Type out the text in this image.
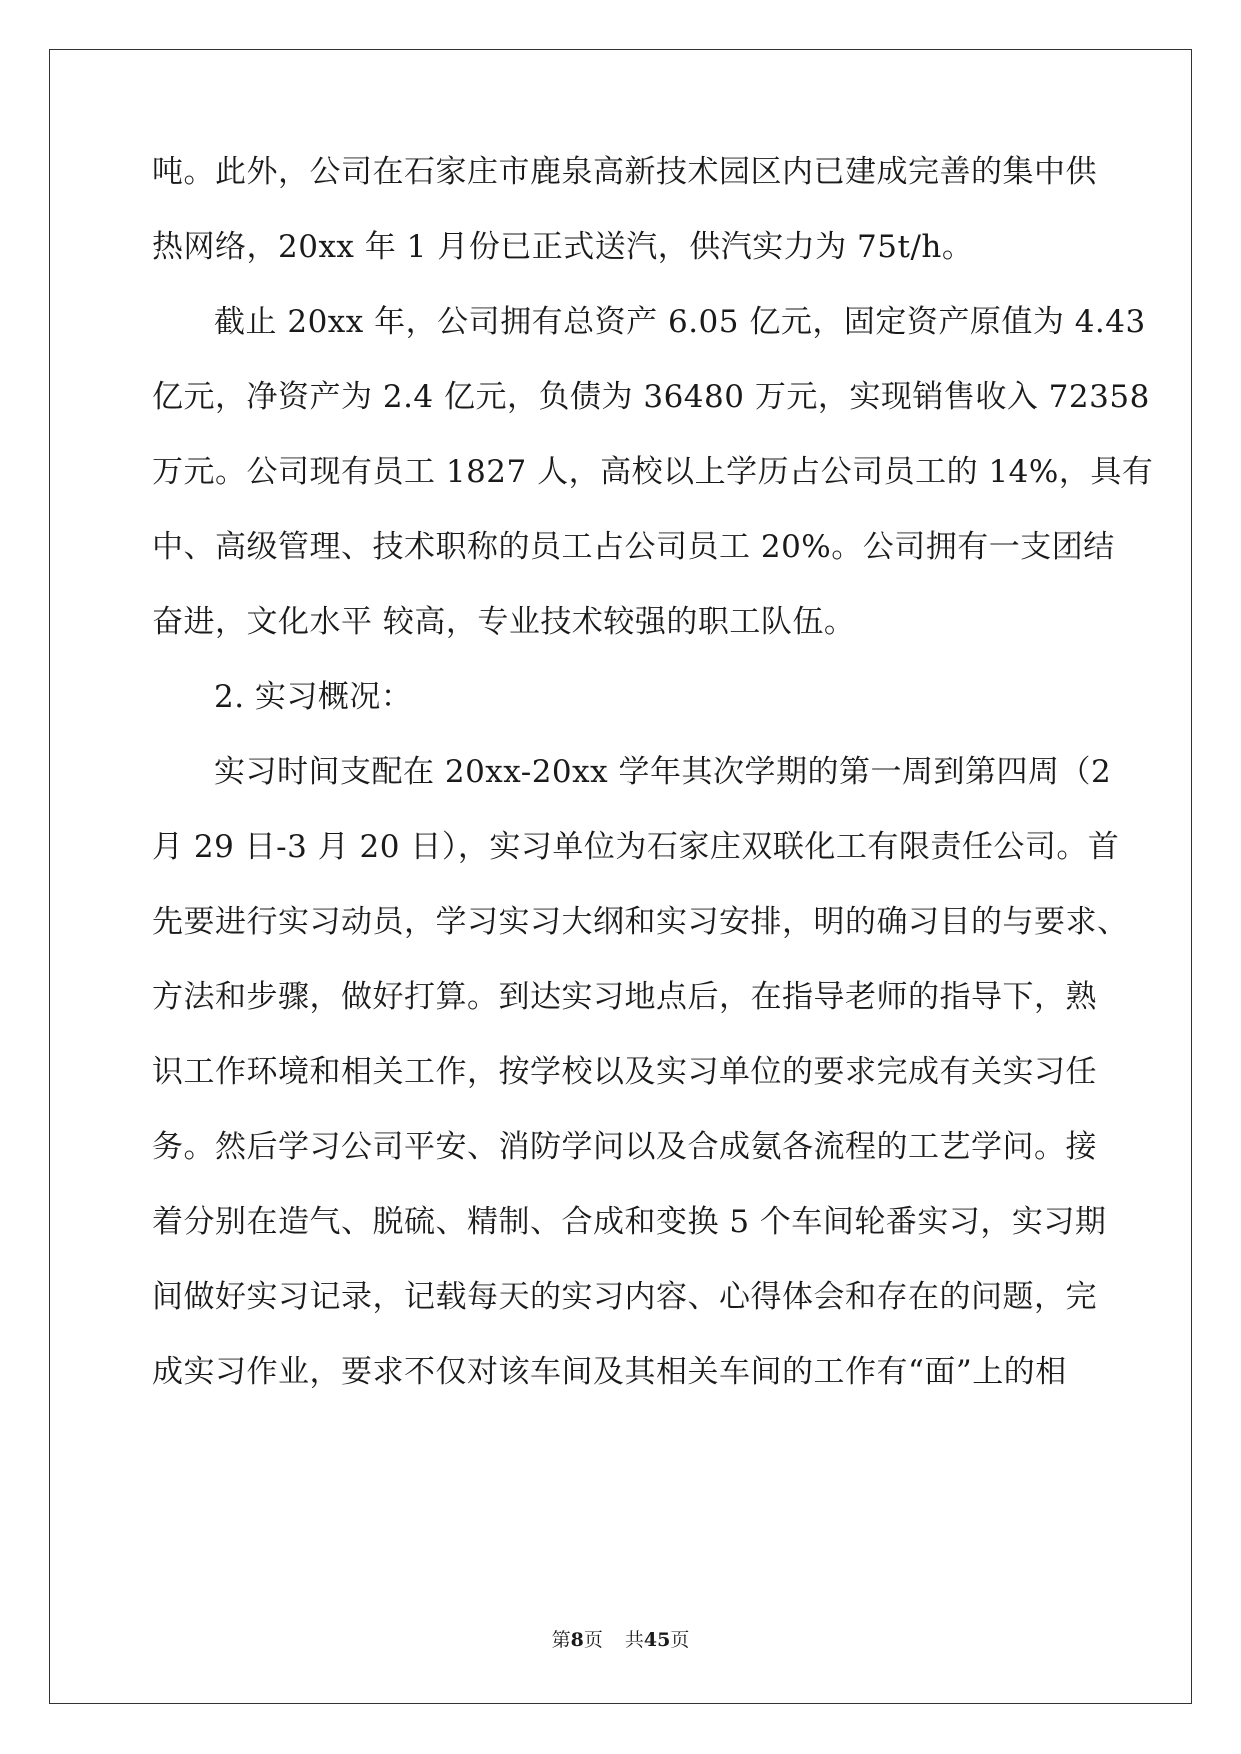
吨。此外，公司在石家庄市鹿泉高新技术园区内已建成完善的集中供
热网络，20xx 年 1 月份已正式送汽，供汽实力为 75t/h。
截止 20xx 年，公司拥有总资产 6.05 亿元，固定资产原值为 4.43
亿元，净资产为 2.4 亿元，负债为 36480 万元，实现销售收入 72358
万元。公司现有员工 1827 人，高校以上学历占公司员工的 14%，具有
中、高级管理、技术职称的员工占公司员工 20%。公司拥有一支团结
奋进，文化水平 较高，专业技术较强的职工队伍。
2. 实习概况：
实习时间支配在 20xx-20xx 学年其次学期的第一周到第四周（2
月 29 日-3 月 20 日），实习单位为石家庄双联化工有限责任公司。首
先要进行实习动员，学习实习大纲和实习安排，明的确习目的与要求、
方法和步骤，做好打算。到达实习地点后，在指导老师的指导下，熟
识工作环境和相关工作，按学校以及实习单位的要求完成有关实习任
务。然后学习公司平安、消防学问以及合成氨各流程的工艺学问。接
着分别在造气、脱硫、精制、合成和变换 5 个车间轮番实习，实习期
间做好实习记录，记载每天的实习内容、心得体会和存在的问题，完
成实习作业，要求不仅对该车间及其相关车间的工作有“面”上的相
第8页 共45页
